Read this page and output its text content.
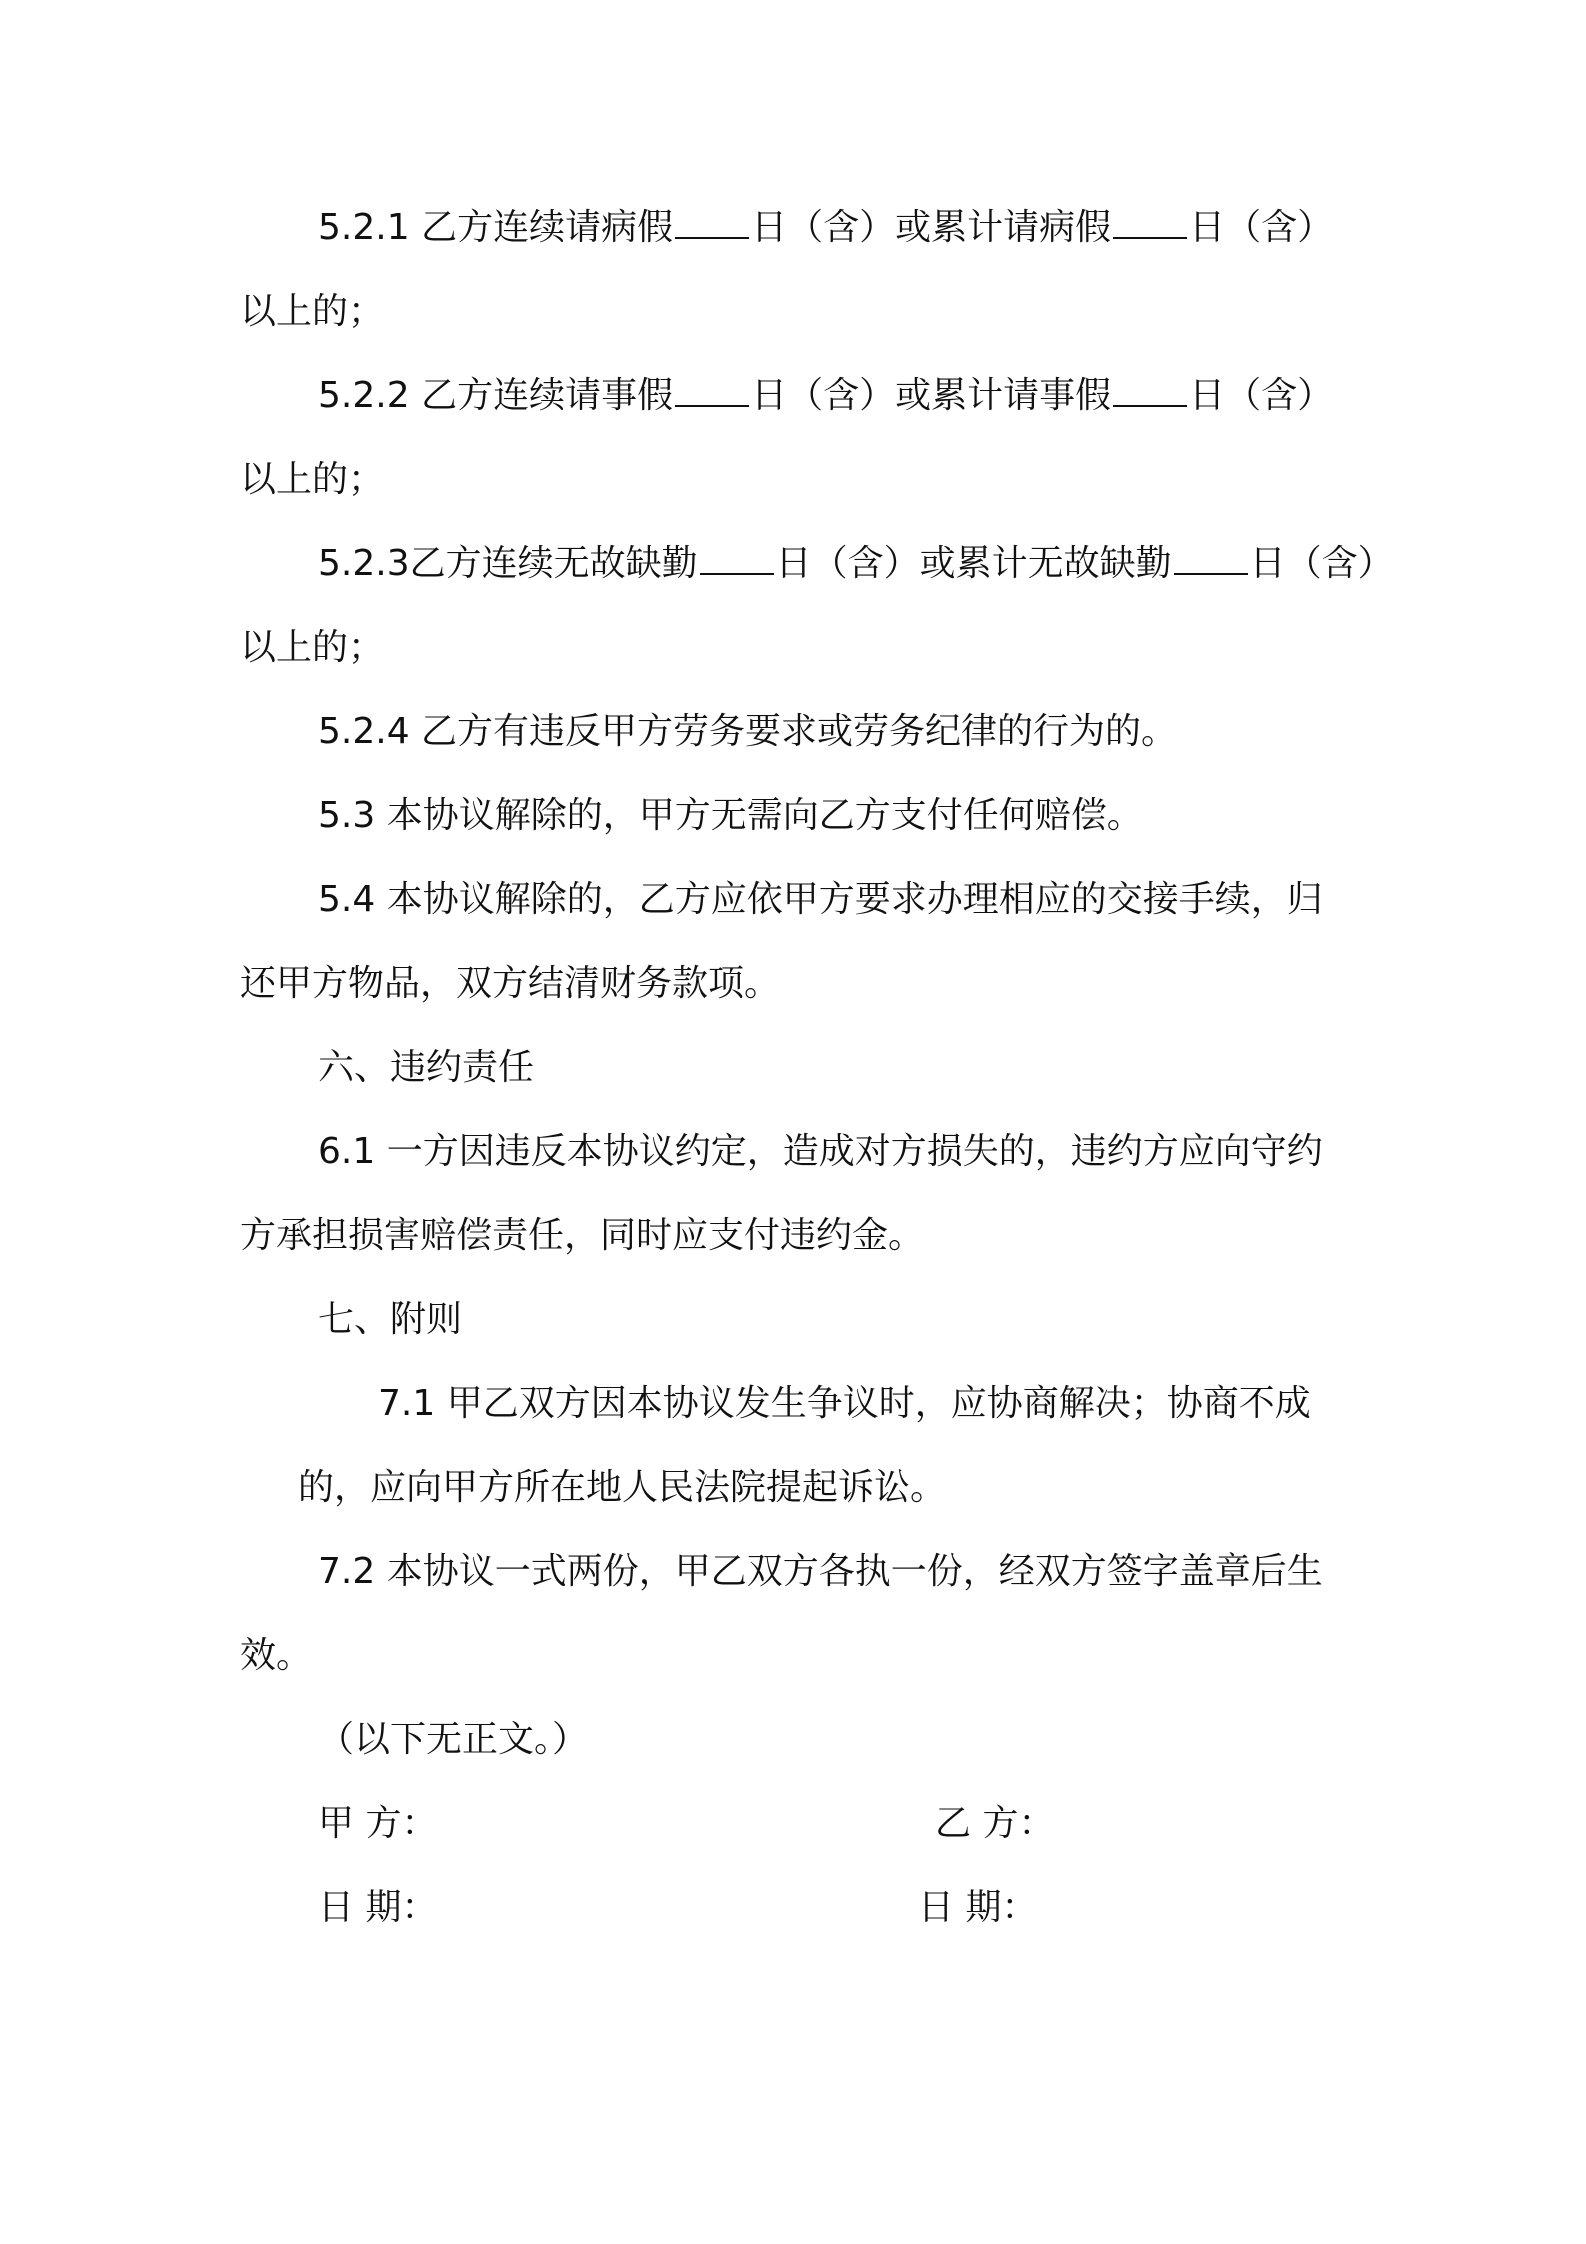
5.2.1 乙方连续请病假 日（含）或累计请病假 日（含）

以上的；

5.2.2 乙方连续请事假 日（含）或累计请事假 日（含）

以上的；

5.2.3乙方连续无故缺勤 日（含）或累计无故缺勤 日（含）

以上的；

5.2.4 乙方有违反甲方劳务要求或劳务纪律的行为的。

5.3 本协议解除的，甲方无需向乙方支付任何赔偿。

5.4 本协议解除的，乙方应依甲方要求办理相应的交接手续，归

还甲方物品，双方结清财务款项。

六、违约责任

6.1 一方因违反本协议约定，造成对方损失的，违约方应向守约

方承担损害赔偿责任，同时应支付违约金。

七、附则

7.1 甲乙双方因本协议发生争议时，应协商解决；协商不成

的，应向甲方所在地人民法院提起诉讼。

7.2 本协议一式两份，甲乙双方各执一份，经双方签字盖章后生

效。

（以下无正文。）

甲 方：	乙 方：
日 期：	日 期：
